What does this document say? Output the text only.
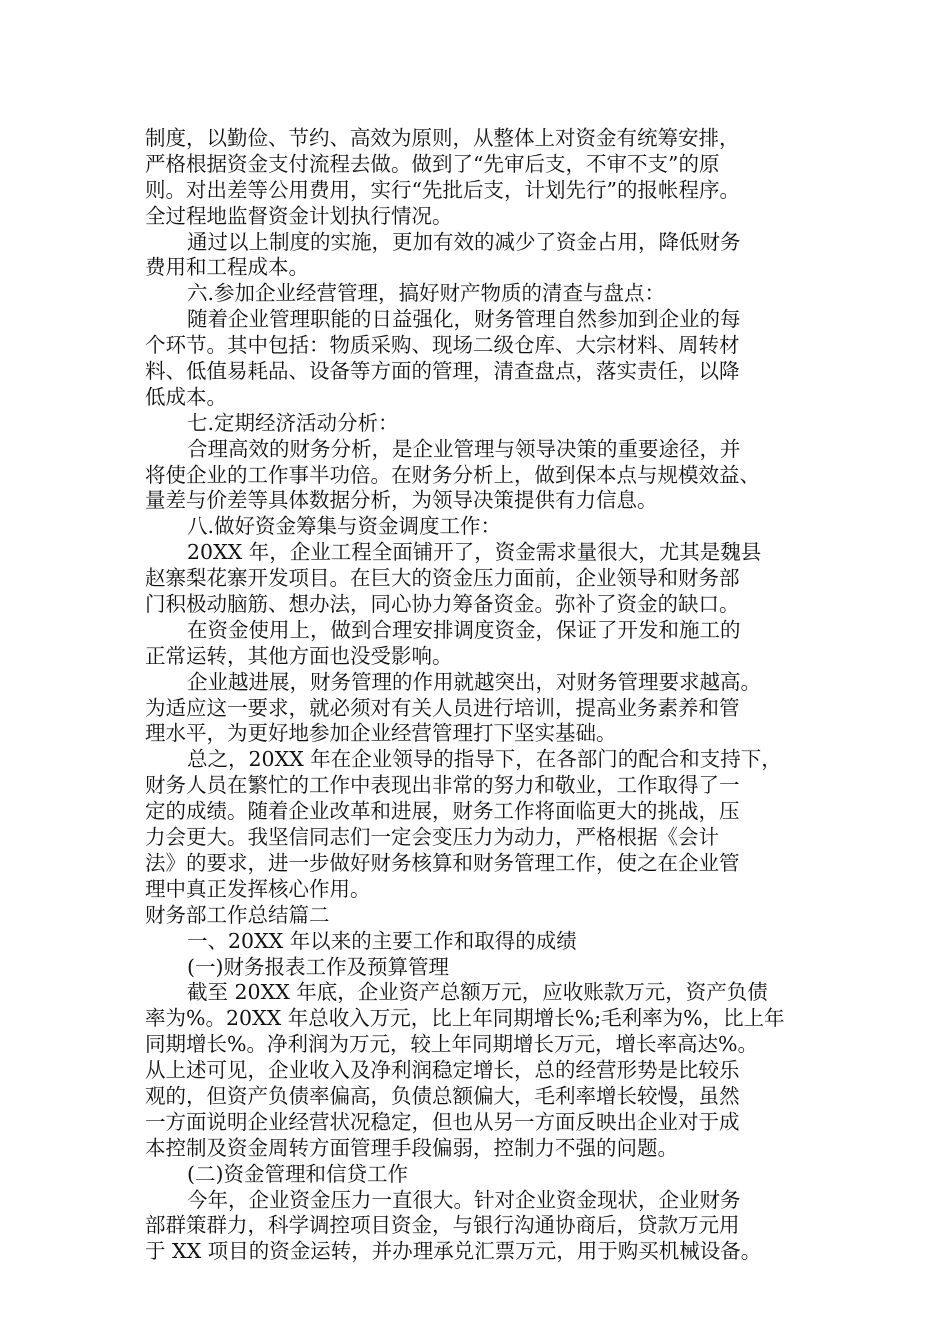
制度，以勤俭、节约、高效为原则，从整体上对资金有统筹安排，
严格根据资金支付流程去做。做到了“先审后支，不审不支”的原
则。对出差等公用费用，实行“先批后支，计划先行”的报帐程序。
全过程地监督资金计划执行情况。
通过以上制度的实施，更加有效的减少了资金占用，降低财务
费用和工程成本。
六.参加企业经营管理，搞好财产物质的清查与盘点：
随着企业管理职能的日益强化，财务管理自然参加到企业的每
个环节。其中包括：物质采购、现场二级仓库、大宗材料、周转材
料、低值易耗品、设备等方面的管理，清查盘点，落实责任，以降
低成本。
七.定期经济活动分析：
合理高效的财务分析，是企业管理与领导决策的重要途径，并
将使企业的工作事半功倍。在财务分析上，做到保本点与规模效益、
量差与价差等具体数据分析，为领导决策提供有力信息。
八.做好资金筹集与资金调度工作：
20XX 年，企业工程全面铺开了，资金需求量很大，尤其是魏县
赵寨梨花寨开发项目。在巨大的资金压力面前，企业领导和财务部
门积极动脑筋、想办法，同心协力筹备资金。弥补了资金的缺口。
在资金使用上，做到合理安排调度资金，保证了开发和施工的
正常运转，其他方面也没受影响。
企业越进展，财务管理的作用就越突出，对财务管理要求越高。
为适应这一要求，就必须对有关人员进行培训，提高业务素养和管
理水平，为更好地参加企业经营管理打下坚实基础。
总之，20XX 年在企业领导的指导下，在各部门的配合和支持下，
财务人员在繁忙的工作中表现出非常的努力和敬业，工作取得了一
定的成绩。随着企业改革和进展，财务工作将面临更大的挑战，压
力会更大。我坚信同志们一定会变压力为动力，严格根据《会计
法》的要求，进一步做好财务核算和财务管理工作，使之在企业管
理中真正发挥核心作用。
财务部工作总结篇二
一、20XX 年以来的主要工作和取得的成绩
(一)财务报表工作及预算管理
截至 20XX 年底，企业资产总额万元，应收账款万元，资产负债
率为%。20XX 年总收入万元，比上年同期增长%;毛利率为%，比上年
同期增长%。净利润为万元，较上年同期增长万元，增长率高达%。
从上述可见，企业收入及净利润稳定增长，总的经营形势是比较乐
观的，但资产负债率偏高，负债总额偏大，毛利率增长较慢，虽然
一方面说明企业经营状况稳定，但也从另一方面反映出企业对于成
本控制及资金周转方面管理手段偏弱，控制力不强的问题。
(二)资金管理和信贷工作
今年，企业资金压力一直很大。针对企业资金现状，企业财务
部群策群力，科学调控项目资金，与银行沟通协商后，贷款万元用
于 XX 项目的资金运转，并办理承兑汇票万元，用于购买机械设备。
